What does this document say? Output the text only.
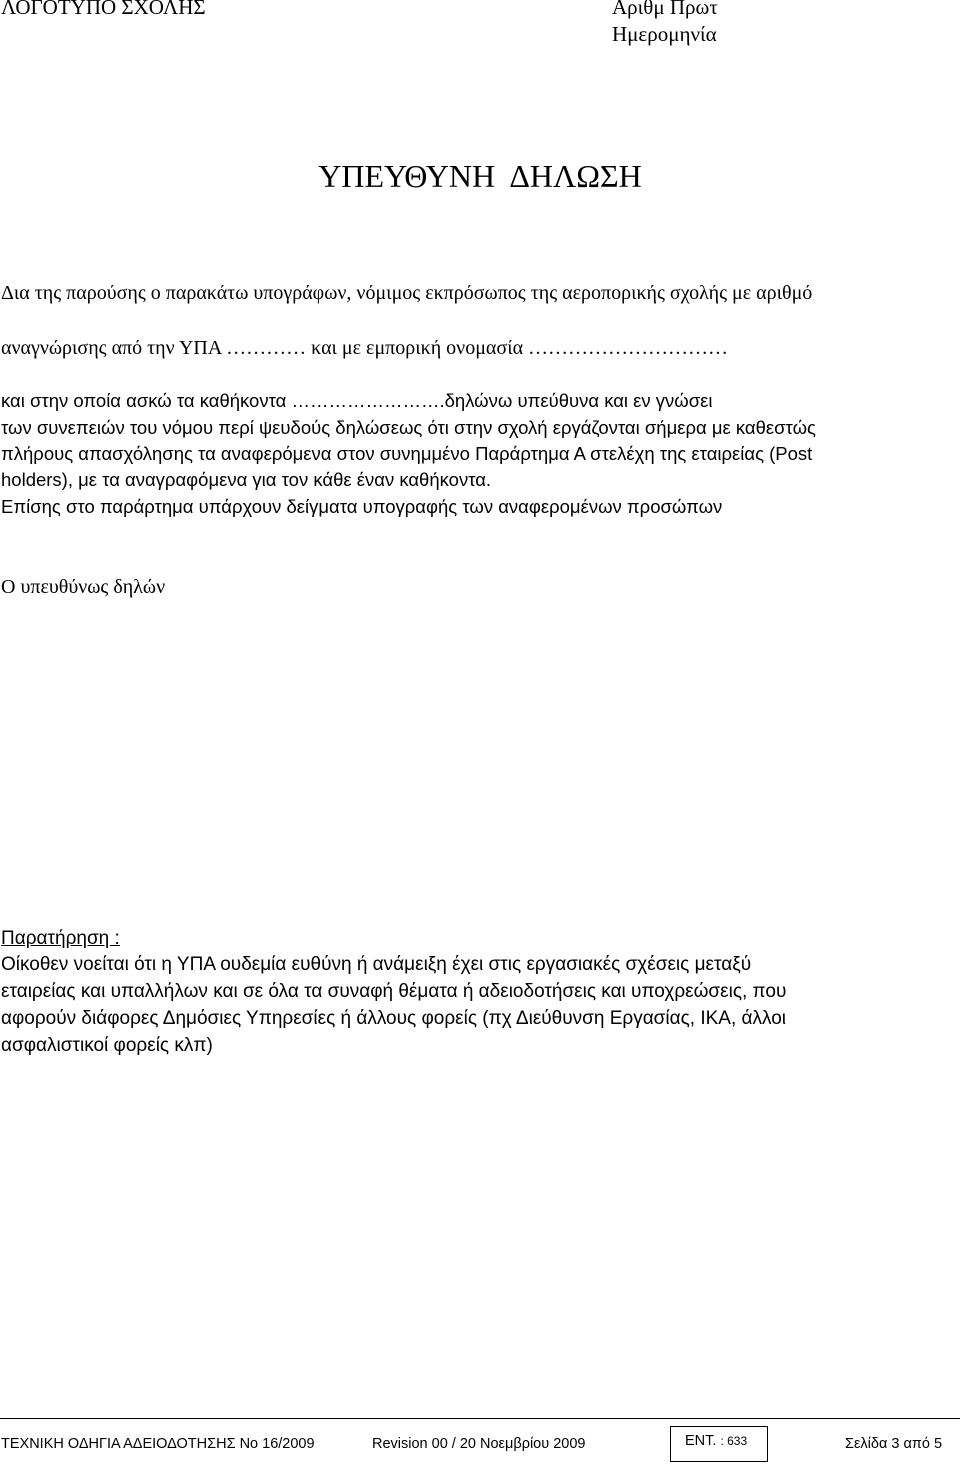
ΛΟΓΟΤΥΠΟ ΣΧΟΛΗΣ	Αριθμ Πρωτ
Ημερομηνία
ΥΠΕΥΘΥΝΗ  ΔΗΛΩΣΗ
Δια της παρούσης ο παρακάτω υπογράφων, νόμιμος εκπρόσωπος της αεροπορικής σχολής με αριθμό
αναγνώρισης από την ΥΠΑ ………… και με εμπορική ονομασία …………………………
και στην οποία ασκώ τα καθήκοντα …………………….δηλώνω υπεύθυνα και εν γνώσει
των συνεπειών του νόμου περί ψευδούς δηλώσεως ότι στην σχολή εργάζονται σήμερα με καθεστώς
πλήρους απασχόλησης τα αναφερόμενα στον συνημμένο Παράρτημα Α στελέχη της εταιρείας (Post
holders), με τα αναγραφόμενα για τον κάθε έναν καθήκοντα.
Επίσης στο παράρτημα υπάρχουν δείγματα υπογραφής των αναφερομένων προσώπων
Ο υπευθύνως δηλών
Παρατήρηση :
Οίκοθεν νοείται ότι η ΥΠΑ ουδεμία ευθύνη ή ανάμειξη έχει στις εργασιακές σχέσεις μεταξύ
εταιρείας και υπαλλήλων και σε όλα τα συναφή θέματα ή αδειοδοτήσεις και υποχρεώσεις, που
αφορούν διάφορες Δημόσιες Υπηρεσίες ή άλλους φορείς (πχ Διεύθυνση Εργασίας, ΙΚΑ, άλλοι
ασφαλιστικοί φορείς κλπ)
ΤΕΧΝΙΚΗ ΟΔΗΓΙΑ ΑΔΕΙΟΔΟΤΗΣΗΣ Νο 16/2009	Revision 00 / 20 Νοεμβρίου 2009	ΕΝΤ. : 633	Σελίδα 3 από 5
